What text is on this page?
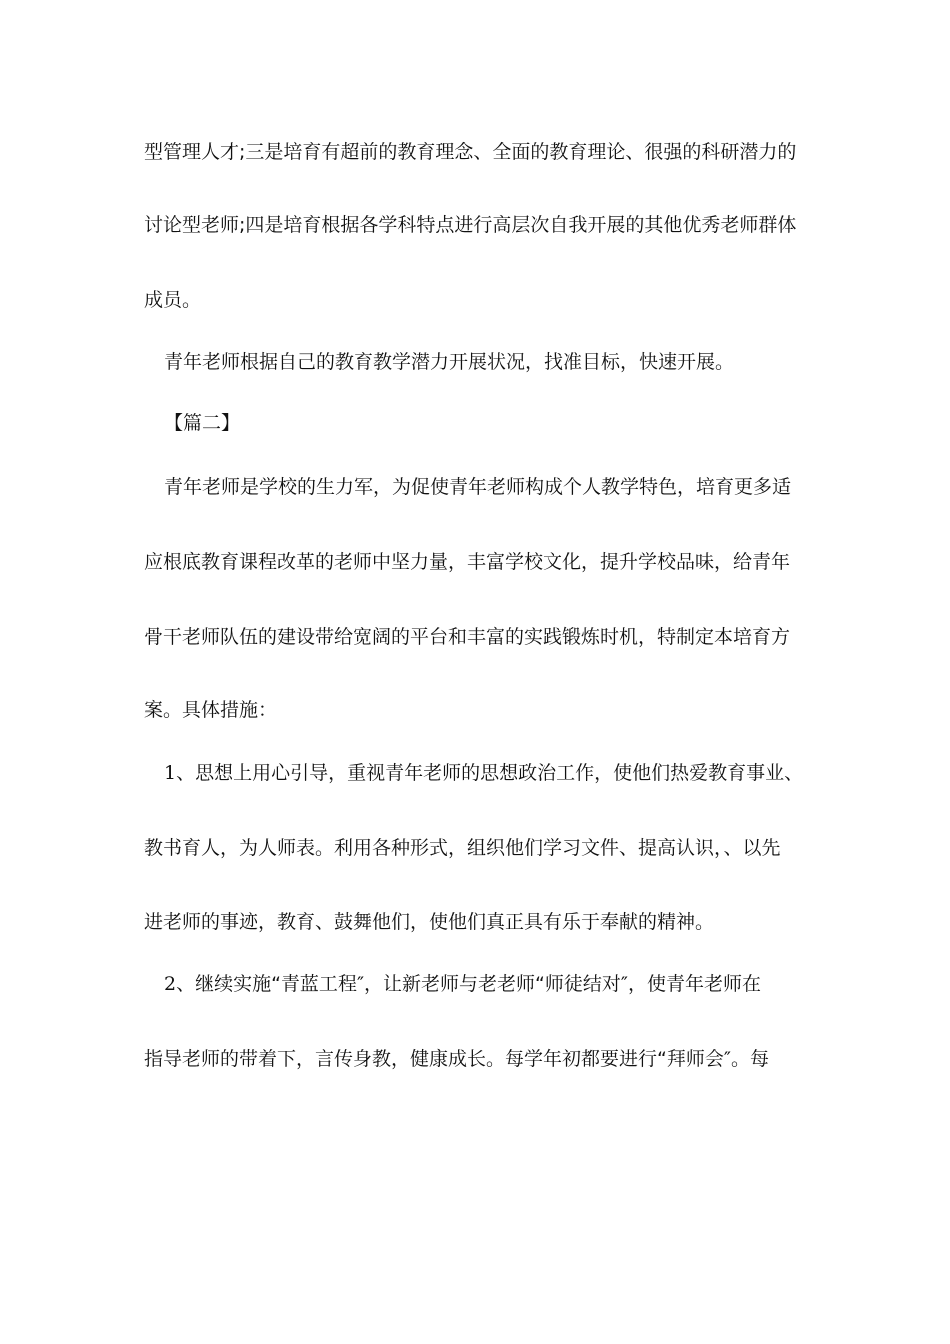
型管理人才;三是培育有超前的教育理念、全面的教育理论、很强的科研潜力的
讨论型老师;四是培育根据各学科特点进行高层次自我开展的其他优秀老师群体
成员。
青年老师根据自己的教育教学潜力开展状况，找准目标，快速开展。
【篇二】
青年老师是学校的生力军，为促使青年老师构成个人教学特色，培育更多适
应根底教育课程改革的老师中坚力量，丰富学校文化，提升学校品味，给青年
骨干老师队伍的建设带给宽阔的平台和丰富的实践锻炼时机，特制定本培育方
案。具体措施：
1、思想上用心引导，重视青年老师的思想政治工作，使他们热爱教育事业、
教书育人，为人师表。利用各种形式，组织他们学习文件、提高认识，、以先
进老师的事迹，教育、鼓舞他们，使他们真正具有乐于奉献的精神。
2、继续实施“青蓝工程″，让新老师与老老师“师徒结对″，使青年老师在
指导老师的带着下，言传身教，健康成长。每学年初都要进行“拜师会″。每
